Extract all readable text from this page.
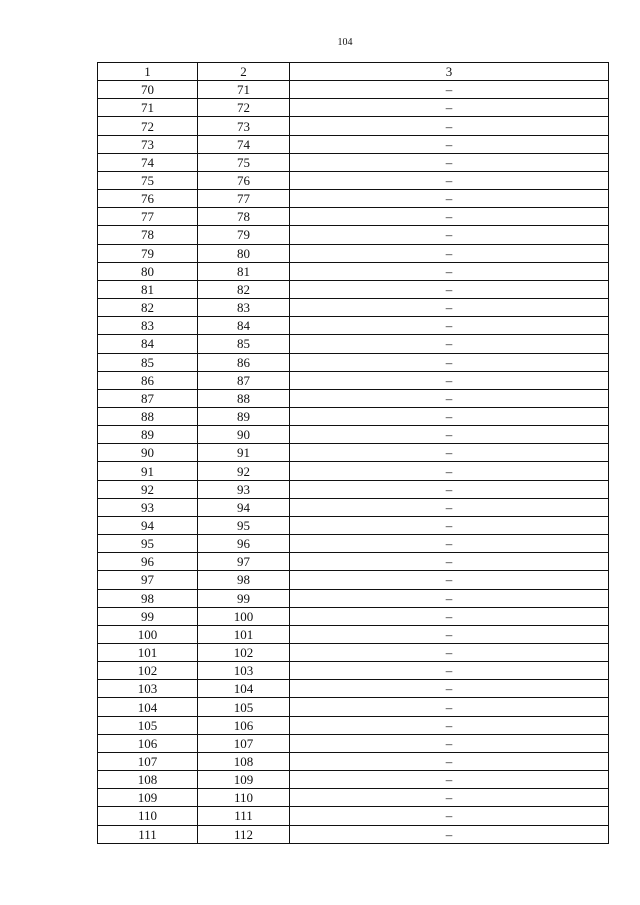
104
1	2	3
70	71	–
71	72	–
72	73	–
73	74	–
74	75	–
75	76	–
76	77	–
77	78	–
78	79	–
79	80	–
80	81	–
81	82	–
82	83	–
83	84	–
84	85	–
85	86	–
86	87	–
87	88	–
88	89	–
89	90	–
90	91	–
91	92	–
92	93	–
93	94	–
94	95	–
95	96	–
96	97	–
97	98	–
98	99	–
99	100	–
100	101	–
101	102	–
102	103	–
103	104	–
104	105	–
105	106	–
106	107	–
107	108	–
108	109	–
109	110	–
110	111	–
111	112	–
